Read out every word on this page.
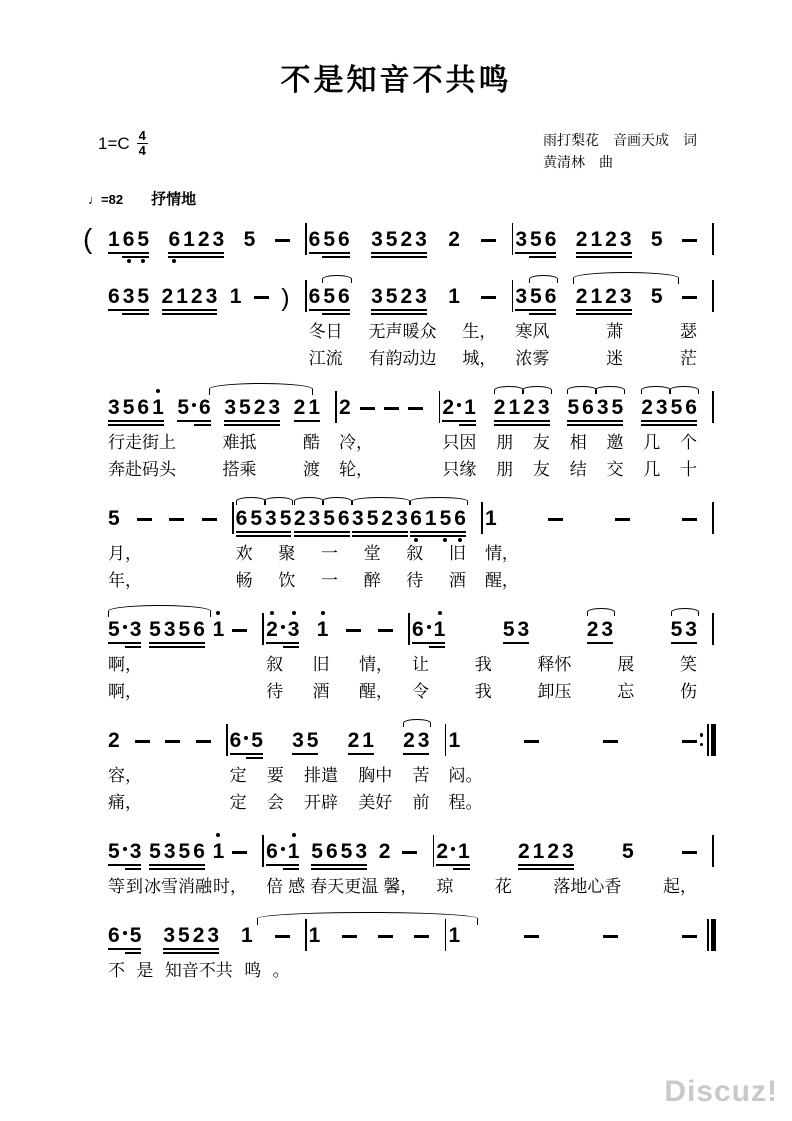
不是知音不共鸣
$1=C \frac{4}{4}$	雨打梨花　音画天成　词
黄清林　曲
♩=82 抒情地
( 1 6 5 6 1 2 3 5	6 5 6 3 5 2 3 2	3 5 6 2 1 2 3 5
6 3 5 2 1 2 3 1 ) 6 5 6 3 5 2 3 1	3 5 6 2 1 2 3 5
冬日 无声暖众 生， 寒风	萧	瑟
江流 有韵动边 城， 浓雾	迷	茫
3 5 6 1 5 6 3 5 2 3 2 1 2	2 1 2 1 2 3 5 6 3 5 2 3 5 6
行走街上	难抵	酷 冷，	只因 朋 友 相 邀 几 个
奔赴码头	搭乘	渡 轮，	只缘 朋 友 结 交 几 十
5	6 5 3 5 2 3 5 6 3 5 2 3 6 1 5 6 1
月，	欢 聚 一 堂 叙 旧 情，
年，	畅 饮 一 醉 待 酒 醒，
5 3 5 3 5 6 1 2 3 1	6 1	5 3	2 3	5 3
啊，	叙 旧 情， 让	我	释怀	展	笑
啊，	待 酒 醒， 令	我	卸压	忘	伤
2	6 5 3 5 2 1 2 3 1
容，	定 要 排遣 胸中 苦 闷。
痛，	定 会 开辟 美好 前 程。
5 3 5 3 5 6 1 6 1 5 6 5 3 2 2 1 2 1 2 3 5
等 到 冰雪消融 时， 倍 感 春天更温 馨， 琼 花 落地心香 起，
6 5 3 5 2 3 1	1	1
不 是 知音不共 鸣 。
Discuz!
